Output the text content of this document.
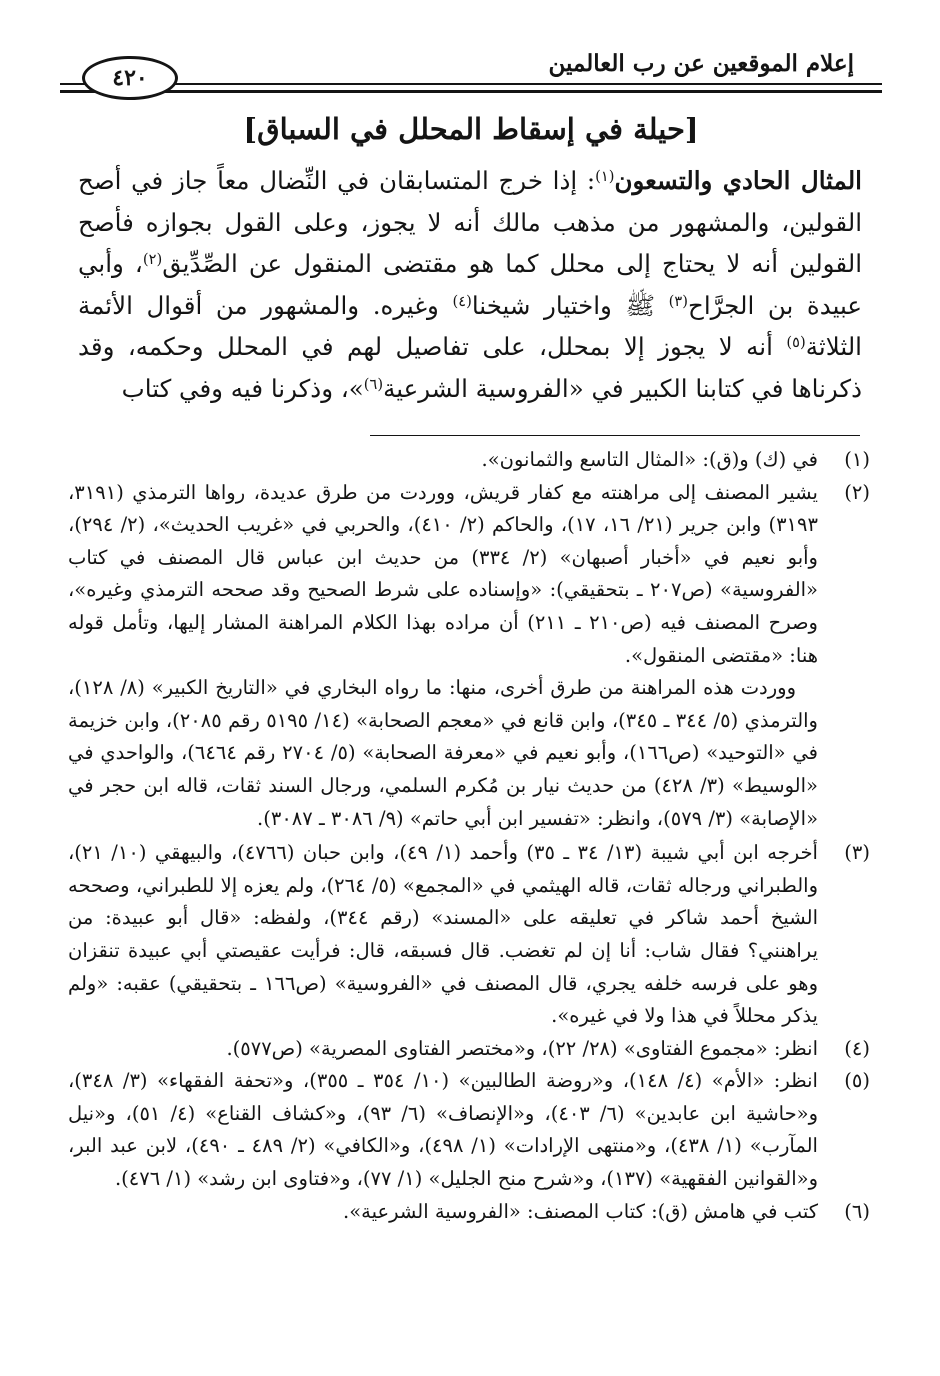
إعلام الموقعين عن رب العالمين
٤٢٠
[حيلة في إسقاط المحلل في السباق]

المثال الحادي والتسعون$^{(١)}$: إذا خرج المتسابقان في النِّضال معاً جاز في أصح القولين، والمشهور من مذهب مالك أنه لا يجوز، وعلى القول بجوازه فأصح القولين أنه لا يحتاج إلى محلل كما هو مقتضى المنقول عن الصِّدِّيق$^{(٢)}$، وأبي عبيدة بن الجرَّاح$^{(٣)}$ ﷺ واختيار شيخنا$^{(٤)}$ وغيره. والمشهور من أقوال الأئمة الثلاثة$^{(٥)}$ أنه لا يجوز إلا بمحلل، على تفاصيل لهم في المحلل وحكمه، وقد ذكرناها في كتابنا الكبير في «الفروسية الشرعية$^{(٦)}$»، وذكرنا فيه وفي كتاب

(١)
في (ك) و(ق): «المثال التاسع والثمانون».
(٢)
يشير المصنف إلى مراهنته مع كفار قريش، ووردت من طرق عديدة، رواها الترمذي (٣١٩١، ٣١٩٣) وابن جرير (٢١/ ١٦، ١٧)، والحاكم (٢/ ٤١٠)، والحربي في «غريب الحديث»، (٢/ ٢٩٤)، وأبو نعيم في «أخبار أصبهان» (٢/ ٣٣٤) من حديث ابن عباس قال المصنف في كتاب «الفروسية» (ص٢٠٧ ـ بتحقيقي): «وإسناده على شرط الصحيح وقد صححه الترمذي وغيره»، وصرح المصنف فيه (ص٢١٠ ـ ٢١١) أن مراده بهذا الكلام المراهنة المشار إليها، وتأمل قوله هنا: «مقتضى المنقول».
ووردت هذه المراهنة من طرق أخرى، منها: ما رواه البخاري في «التاريخ الكبير» (٨/ ١٢٨)، والترمذي (٥/ ٣٤٤ ـ ٣٤٥)، وابن قانع في «معجم الصحابة» (١٤/ ٥١٩٥ رقم ٢٠٨٥)، وابن خزيمة في «التوحيد» (ص١٦٦)، وأبو نعيم في «معرفة الصحابة» (٥/ ٢٧٠٤ رقم ٦٤٦٤)، والواحدي في «الوسيط» (٣/ ٤٢٨) من حديث نيار بن مُكرم السلمي، ورجال السند ثقات، قاله ابن حجر في «الإصابة» (٣/ ٥٧٩)، وانظر: «تفسير ابن أبي حاتم» (٩/ ٣٠٨٦ ـ ٣٠٨٧).
(٣)
أخرجه ابن أبي شيبة (١٣/ ٣٤ ـ ٣٥) وأحمد (١/ ٤٩)، وابن حبان (٤٧٦٦)، والبيهقي (١٠/ ٢١)، والطبراني ورجاله ثقات، قاله الهيثمي في «المجمع» (٥/ ٢٦٤)، ولم يعزه إلا للطبراني، وصححه الشيخ أحمد شاكر في تعليقه على «المسند» (رقم ٣٤٤)، ولفظه: «قال أبو عبيدة: من يراهنني؟ فقال شاب: أنا إن لم تغضب. قال فسبقه، قال: فرأيت عقيصتي أبي عبيدة تنقزان وهو على فرسه خلفه يجري، قال المصنف في «الفروسية» (ص١٦٦ ـ بتحقيقي) عقبه: «ولم يذكر محللاً في هذا ولا في غيره».
(٤)
انظر: «مجموع الفتاوى» (٢٨/ ٢٢)، و«مختصر الفتاوى المصرية» (ص٥٧٧).
(٥)
انظر: «الأم» (٤/ ١٤٨)، و«روضة الطالبين» (١٠/ ٣٥٤ ـ ٣٥٥)، و«تحفة الفقهاء» (٣/ ٣٤٨)، و«حاشية ابن عابدين» (٦/ ٤٠٣)، و«الإنصاف» (٦/ ٩٣)، و«كشاف القناع» (٤/ ٥١)، و«نيل المآرب» (١/ ٤٣٨)، و«منتهى الإرادات» (١/ ٤٩٨)، و«الكافي» (٢/ ٤٨٩ ـ ٤٩٠)، لابن عبد البر، و«القوانين الفقهية» (١٣٧)، و«شرح منح الجليل» (١/ ٧٧)، و«فتاوى ابن رشد» (١/ ٤٧٦).
(٦)
كتب في هامش (ق): كتاب المصنف: «الفروسية الشرعية».
